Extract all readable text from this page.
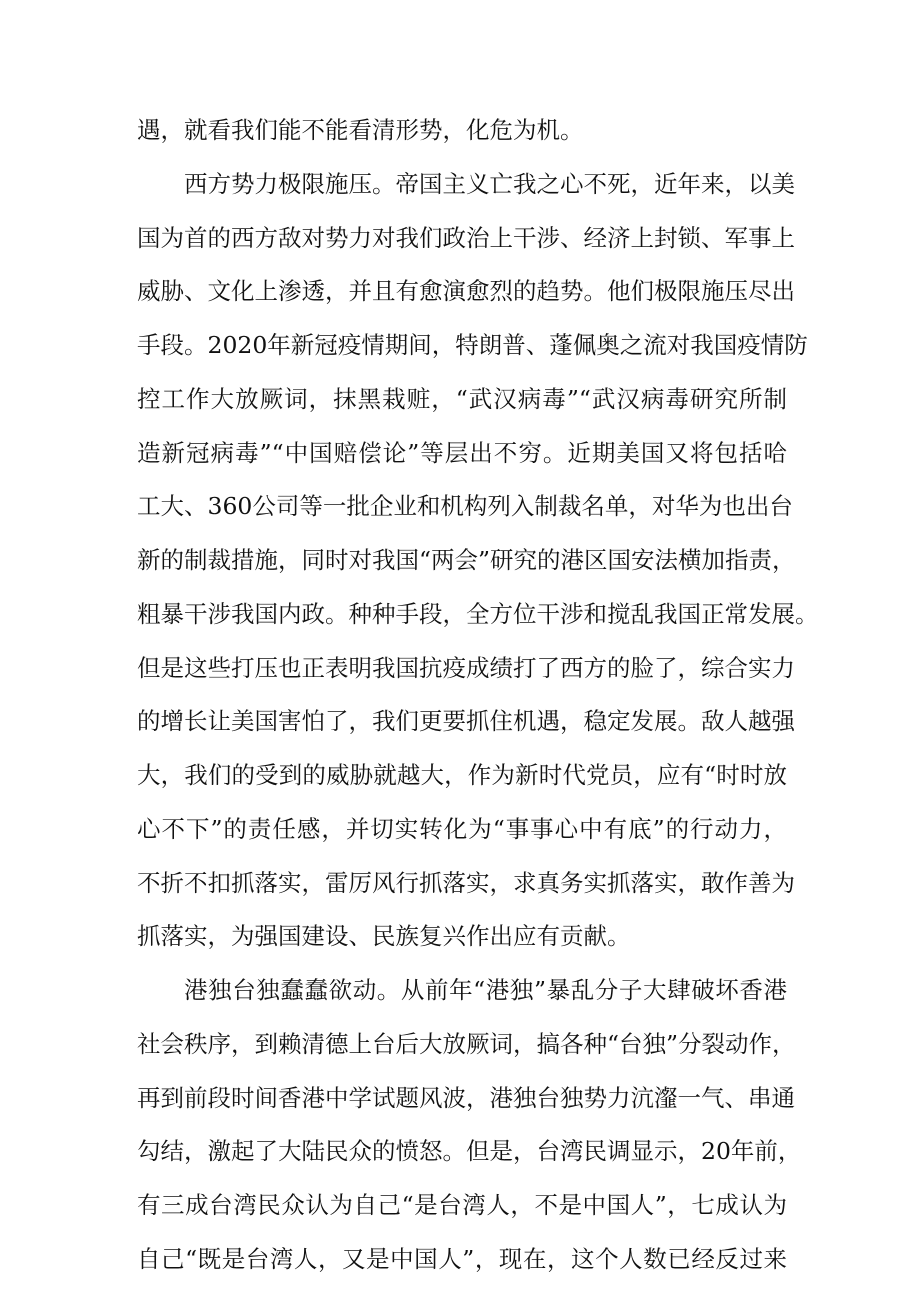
遇，就看我们能不能看清形势，化危为机。
西方势力极限施压。帝国主义亡我之心不死，近年来，以美
国为首的西方敌对势力对我们政治上干涉、经济上封锁、军事上
威胁、文化上渗透，并且有愈演愈烈的趋势。他们极限施压尽出
手段。2020年新冠疫情期间，特朗普、蓬佩奥之流对我国疫情防
控工作大放厥词，抹黑栽赃，“武汉病毒”“武汉病毒研究所制
造新冠病毒”“中国赔偿论”等层出不穷。近期美国又将包括哈
工大、360公司等一批企业和机构列入制裁名单，对华为也出台
新的制裁措施，同时对我国“两会”研究的港区国安法横加指责，
粗暴干涉我国内政。种种手段，全方位干涉和搅乱我国正常发展。
但是这些打压也正表明我国抗疫成绩打了西方的脸了，综合实力
的增长让美国害怕了，我们更要抓住机遇，稳定发展。敌人越强
大，我们的受到的威胁就越大，作为新时代党员，应有“时时放
心不下”的责任感，并切实转化为“事事心中有底”的行动力，
不折不扣抓落实，雷厉风行抓落实，求真务实抓落实，敢作善为
抓落实，为强国建设、民族复兴作出应有贡献。
港独台独蠢蠢欲动。从前年“港独”暴乱分子大肆破坏香港
社会秩序，到赖清德上台后大放厥词，搞各种“台独”分裂动作，
再到前段时间香港中学试题风波，港独台独势力沆瀣一气、串通
勾结，激起了大陆民众的愤怒。但是，台湾民调显示，20年前，
有三成台湾民众认为自己“是台湾人，不是中国人”，七成认为
自己“既是台湾人，又是中国人”，现在，这个人数已经反过来
